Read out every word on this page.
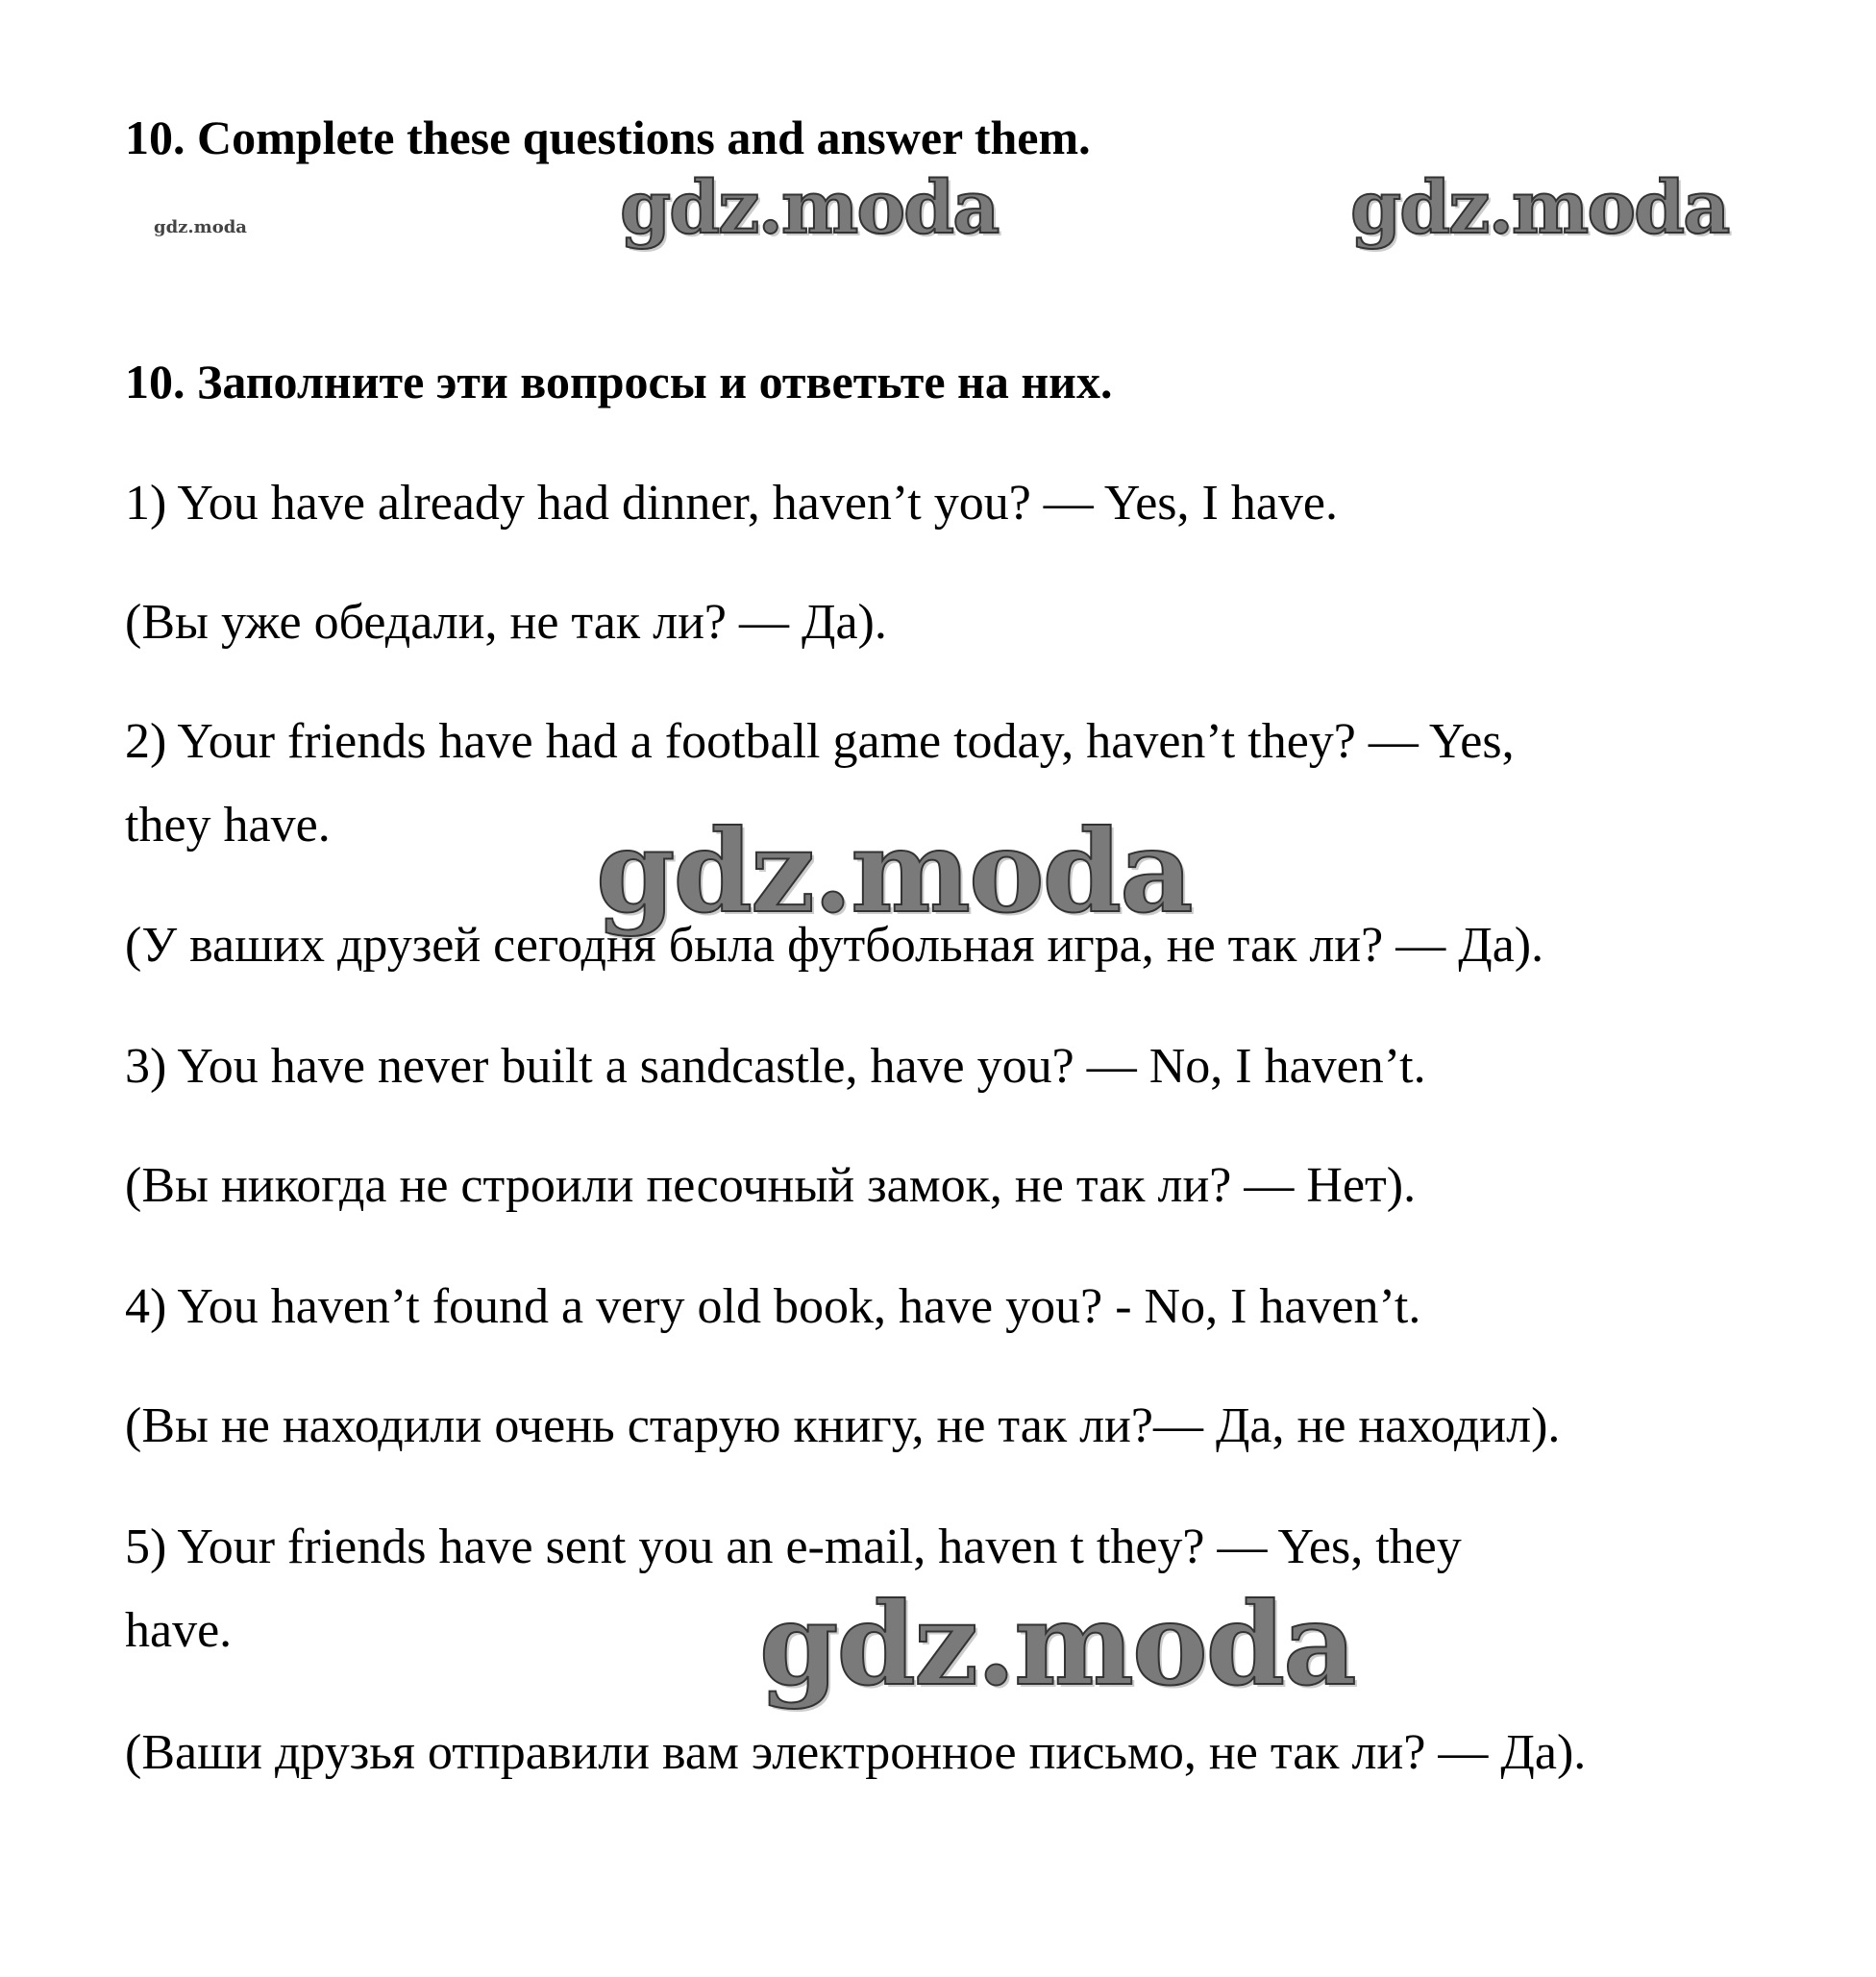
10. Complete these questions and answer them.
gdz.moda	gdz.moda	gdz.moda
10. Заполните эти вопросы и ответьте на них.
1) You have already had dinner, haven’t you? — Yes, I have.
(Вы уже обедали, не так ли? — Да).
2) Your friends have had a football game today, haven’t they? — Yes,
they have. gdz.moda
(У ваших друзей сегодня была футбольная игра, не так ли? — Да).
3) You have never built a sandcastle, have you? — No, I haven’t.
(Вы никогда не строили песочный замок, не так ли? — Нет).
4) You haven’t found a very old book, have you? - No, I haven’t.
(Вы не находили очень старую книгу, не так ли?— Да, не находил).
5) Your friends have sent you an e-mail, haven t they? — Yes, they
have.	gdz.moda
(Ваши друзья отправили вам электронное письмо, не так ли? — Да).
